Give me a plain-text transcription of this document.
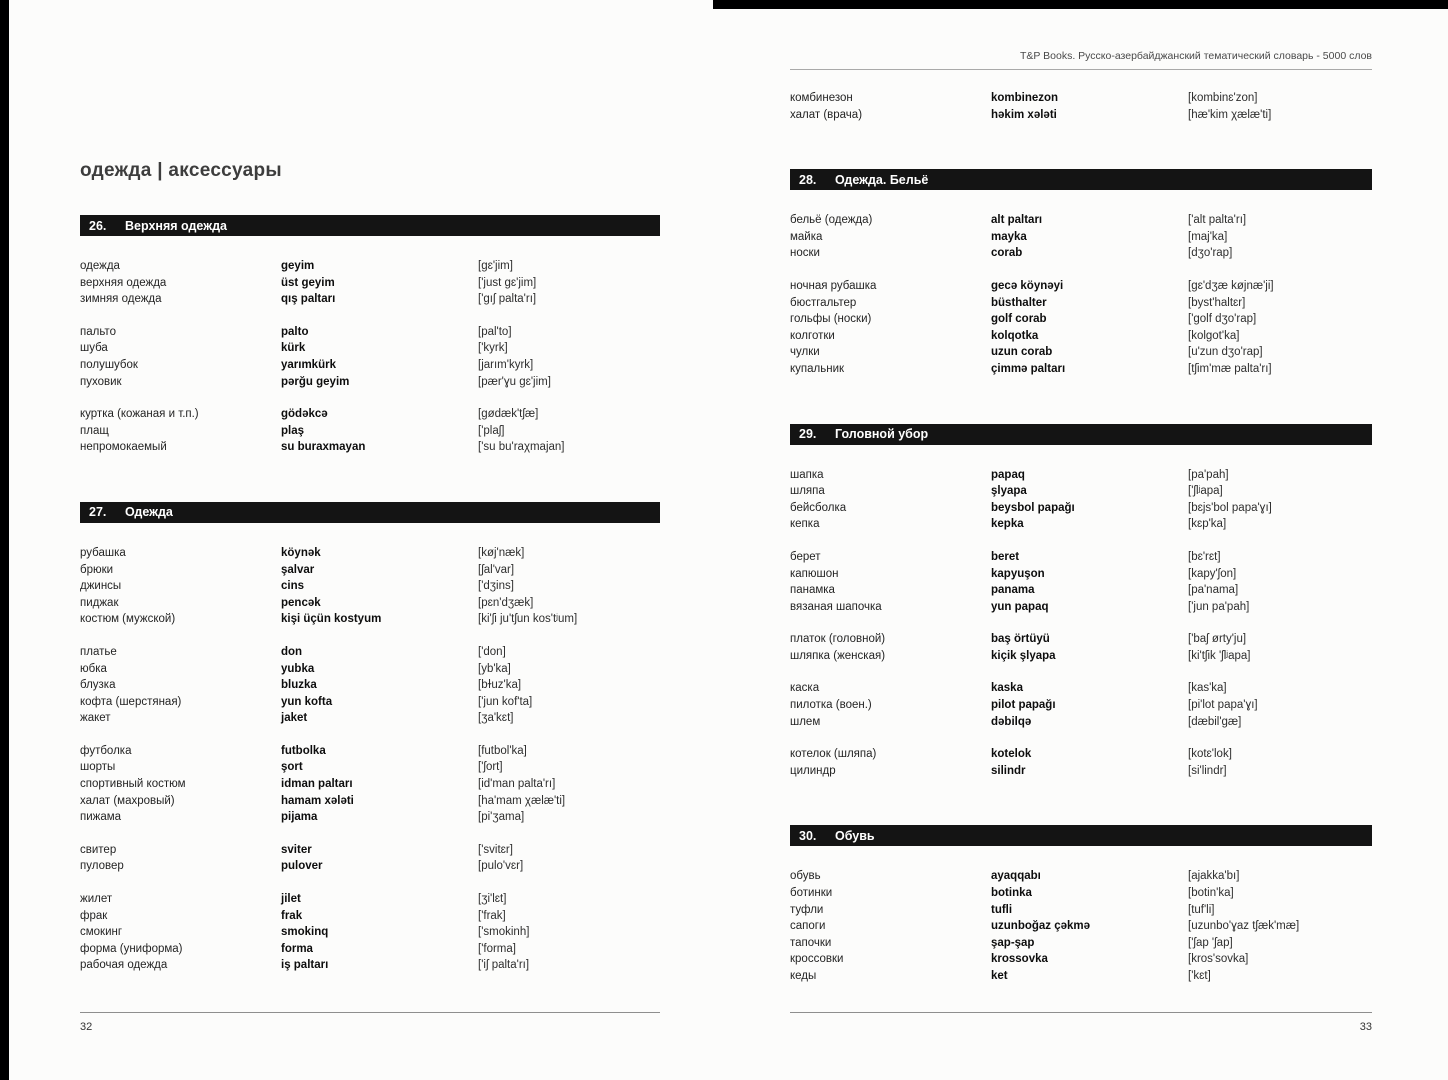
одежда | аксессуары
26.	Верхняя одежда
одежда	geyim	[gɛ'jim]
верхняя одежда	üst geyim	['just gɛ'jim]
зимняя одежда	qış paltarı	['gıʃ palta'rı]
пальто	palto	[pal'to]
шуба	kürk	['kyrk]
полушубок	yarımkürk	[jarım'kyrk]
пуховик	pərğu geyim	[pær'ɣu gɛ'jim]
куртка (кожаная и т.п.)	gödəkcə	[gødæk'tʃæ]
плащ	plaş	['plaʃ]
непромокаемый	su buraxmayan	['su bu'raχmajan]
27.	Одежда
рубашка	köynək	[køj'næk]
брюки	şalvar	[ʃal'var]
джинсы	cins	['dʒins]
пиджак	pencək	[pɛn'dʒæk]
костюм (мужской)	kişi üçün kostyum	[ki'ʃi ju'tʃun kos'tʲum]
платье	don	['don]
юбка	yubka	[yb'ka]
блузка	bluzka	[bɫuz'ka]
кофта (шерстяная)	yun kofta	['jun kof'ta]
жакет	jaket	[ʒa'kɛt]
футболка	futbolka	[futbol'ka]
шорты	şort	['ʃort]
спортивный костюм	idman paltarı	[id'man palta'rı]
халат (махровый)	hamam xələti	[ha'mam χælæ'ti]
пижама	pijama	[pi'ʒama]
свитер	sviter	['svitɛr]
пуловер	pulover	[pulo'vɛr]
жилет	jilet	[ʒi'lɛt]
фрак	frak	['frak]
смокинг	smokinq	['smokinh]
форма (униформа)	forma	['forma]
рабочая одежда	iş paltarı	['iʃ palta'rı]
32
T&P Books. Русско-азербайджанский тематический словарь - 5000 слов
комбинезон	kombinezon	[kombinɛ'zon]
халат (врача)	həkim xələti	[hæ'kim χælæ'ti]
28.	Одежда. Бельё
бельё (одежда)	alt paltarı	['alt palta'rı]
майка	mayka	[maj'ka]
носки	corab	[dʒo'rap]
ночная рубашка	gecə köynəyi	[gɛ'dʒæ køjnæ'ji]
бюстгальтер	büsthalter	[byst'haltɛr]
гольфы (носки)	golf corab	['golf dʒo'rap]
колготки	kolqotka	[kolgot'ka]
чулки	uzun corab	[u'zun dʒo'rap]
купальник	çimmə paltarı	[tʃim'mæ palta'rı]
29.	Головной убор
шапка	papaq	[pa'pah]
шляпа	şlyapa	['ʃlʲapa]
бейсболка	beysbol papağı	[bɛjs'bol papa'ɣı]
кепка	kepka	[kɛp'ka]
берет	beret	[bɛ'rɛt]
капюшон	kapyuşon	[kapy'ʃon]
панамка	panama	[pa'nama]
вязаная шапочка	yun papaq	['jun pa'pah]
платок (головной)	baş örtüyü	['baʃ ørty'ju]
шляпка (женская)	kiçik şlyapa	[ki'tʃik 'ʃlʲapa]
каска	kaska	[kas'ka]
пилотка (воен.)	pilot papağı	[pi'lot papa'ɣı]
шлем	dəbilqə	[dæbil'gæ]
котелок (шляпа)	kotelok	[kotɛ'lok]
цилиндр	silindr	[si'lindr]
30.	Обувь
обувь	ayaqqabı	[ajakka'bı]
ботинки	botinka	[botin'ka]
туфли	tufli	[tuf'li]
сапоги	uzunboğaz çəkmə	[uzunbo'ɣaz tʃæk'mæ]
тапочки	şap-şap	['ʃap 'ʃap]
кроссовки	krossovka	[kros'sovka]
кеды	ket	['kɛt]
33
